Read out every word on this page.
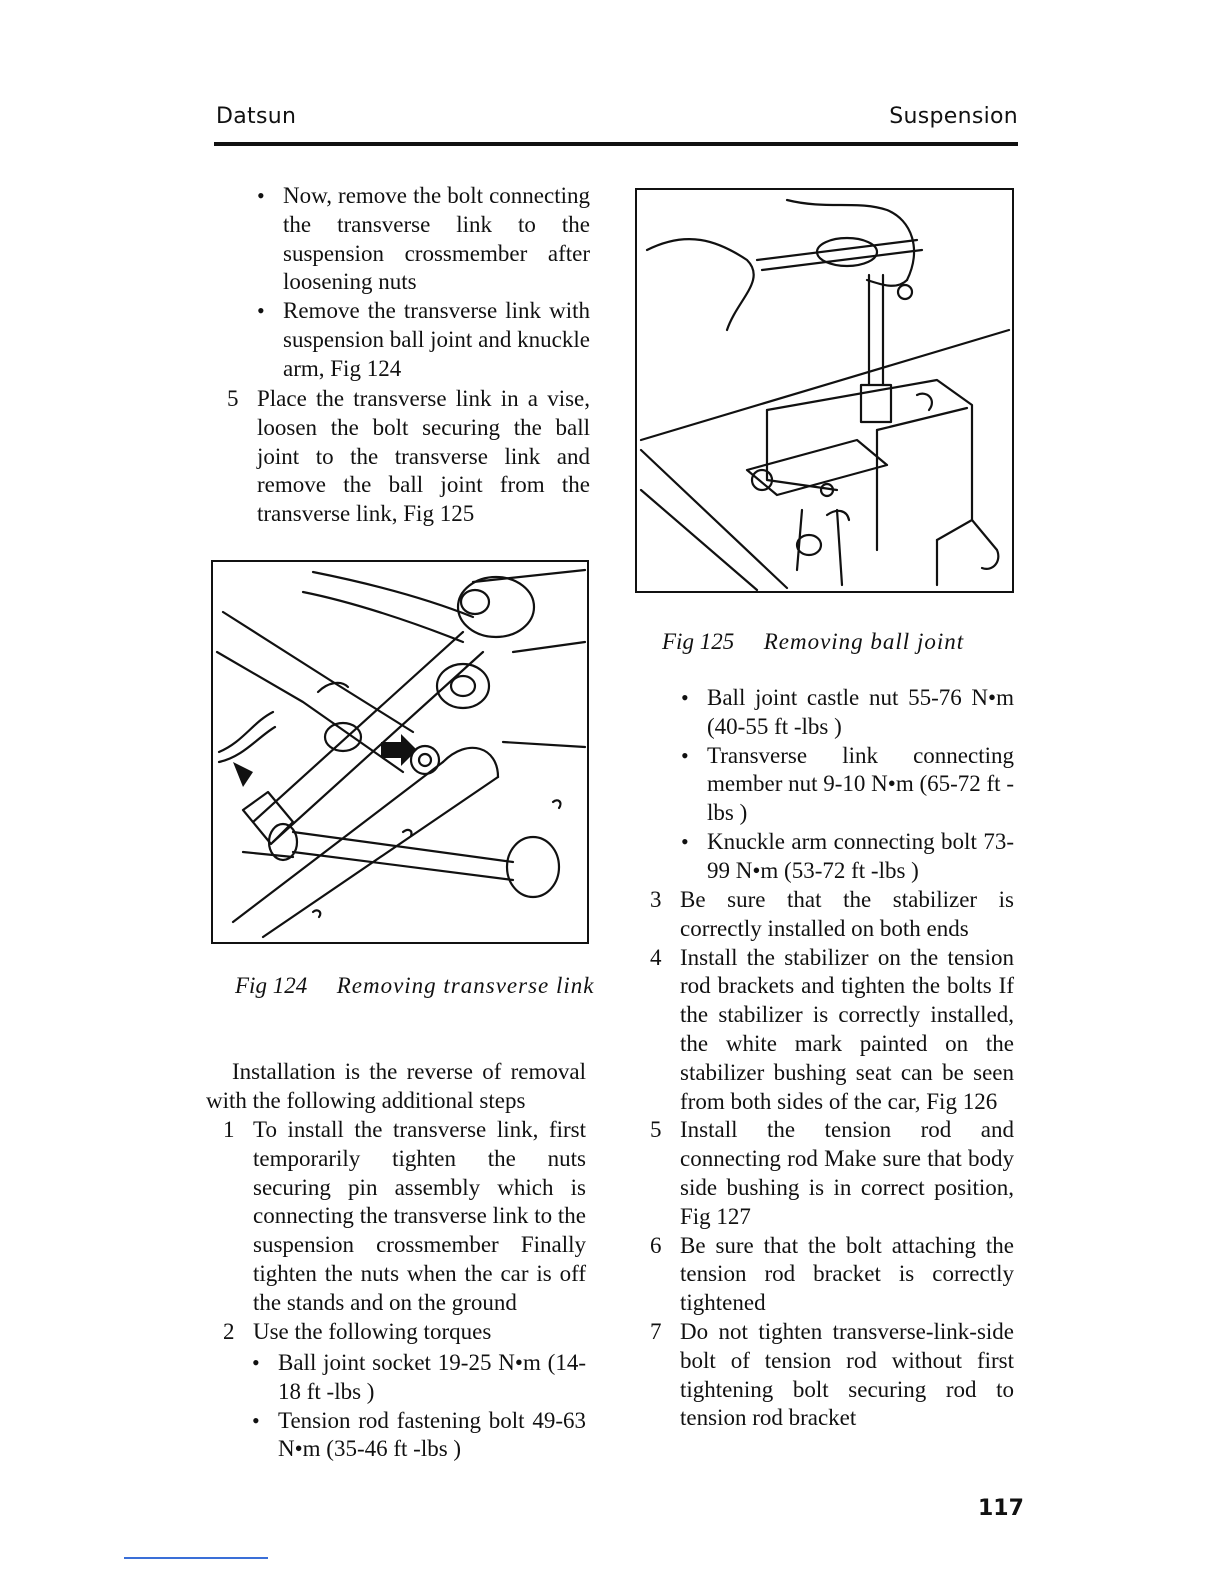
Datsun	Suspension
• Now, remove the bolt connecting the transverse link to the suspension crossmember after loosening nuts
• Remove the transverse link with suspension ball joint and knuckle arm, Fig 124
5 Place the transverse link in a vise, loosen the bolt securing the ball joint to the transverse link and remove the ball joint from the transverse link, Fig 125
Fig 124 Removing transverse link
Installation is the reverse of removal with the following additional steps
1 To install the transverse link, first temporarily tighten the nuts securing pin assembly which is connecting the transverse link to the suspension crossmember Finally tighten the nuts when the car is off the stands and on the ground
2 Use the following torques
• Ball joint socket 19-25 N•m (14-18 ft -lbs )
• Tension rod fastening bolt 49-63 N•m (35-46 ft -lbs )
Fig 125 Removing ball joint
• Ball joint castle nut 55-76 N•m (40-55 ft -lbs )
• Transverse link connecting member nut 9-10 N•m (65-72 ft -lbs )
• Knuckle arm connecting bolt 73-99 N•m (53-72 ft -lbs )
3 Be sure that the stabilizer is correctly installed on both ends
4 Install the stabilizer on the tension rod brackets and tighten the bolts If the stabilizer is correctly installed, the white mark painted on the stabilizer bushing seat can be seen from both sides of the car, Fig 126
5 Install the tension rod and connecting rod Make sure that body side bushing is in correct position, Fig 127
6 Be sure that the bolt attaching the tension rod bracket is correctly tightened
7 Do not tighten transverse-link-side bolt of tension rod without first tightening bolt securing rod to tension rod bracket
117
